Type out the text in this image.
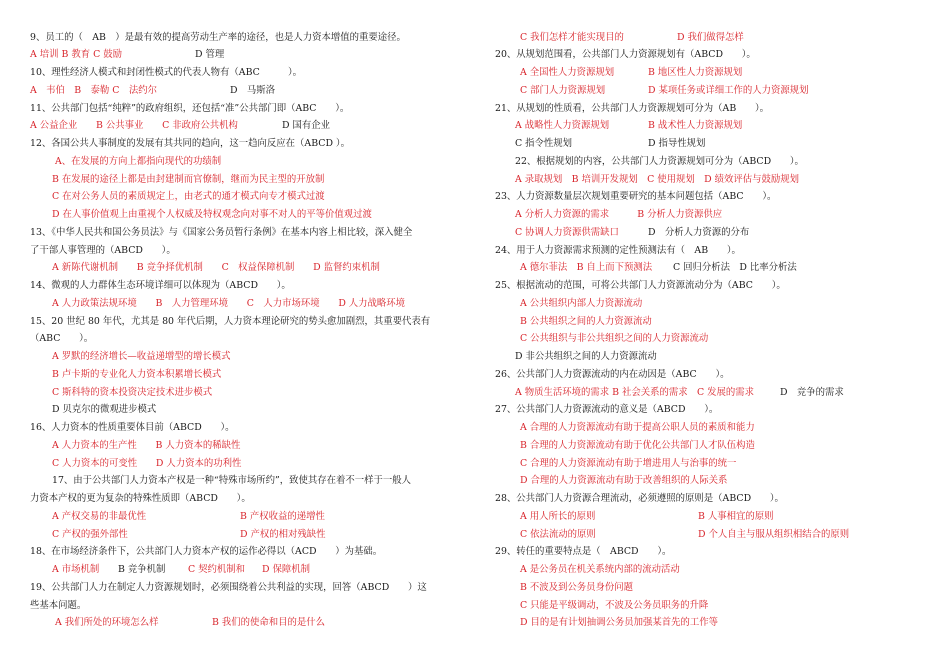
9、员工的（　AB　）是最有效的提高劳动生产率的途径，也是人力资本增值的重要途径。
A 培训 B 教育 C 鼓励	D 管理
10、理性经济人模式和封闭性模式的代表人物有（ABC　　　）。
A　韦伯　B　泰勒 C　法约尔	D　马斯洛
11、公共部门包括“纯粹”的政府组织，还包括“准”公共部门即（ABC　　）。
A 公益企业　　B 公共事业　　C 非政府公共机构	D 国有企业
12、各国公共人事制度的发展有其共同的趋向，这一趋向反应在（ABCD ）。
A、在发展的方向上都指向现代的功绩制
B 在发展的途径上都是由封建制而官僚制，继而为民主型的开放制
C 在对公务人员的素质规定上，由老式的通才模式向专才模式过渡
D 在人事价值观上由重视个人权威及特权观念向对事不对人的平等价值观过渡
13、《中华人民共和国公务员法》与《国家公务员暂行条例》在基本内容上相比较，深入健全
了干部人事管理的（ABCD　　）。
A 新陈代谢机制　　B 竞争择优机制　　C　权益保障机制　　D 监督约束机制
14、微观的人力群体生态环境详细可以体现为（ABCD　　）。
A 人力政策法规环境　　B　人力管理环境　　C　人力市场环境　　D 人力战略环境
15、20 世纪 80 年代，尤其是 80 年代后期，人力资本理论研究的势头愈加剧烈，其重要代表有
（ABC　　）。
A 罗默的经济增长—收益递增型的增长模式
B 卢卡斯的专业化人力资本积累增长模式
C 斯科特的资本投资决定技术进步模式
D 贝克尔的微观进步模式
16、人力资本的性质重要体目前（ABCD　　）。
A 人力资本的生产性　　B 人力资本的稀缺性
C 人力资本的可变性　　D 人力资本的功利性
17、由于公共部门人力资本产权是一种“特殊市场所约”，致使其存在着不一样于一般人
力资本产权的更为复杂的特殊性质即（ABCD　　）。
A 产权交易的非最优性	B 产权收益的递增性
C 产权的强外部性	D 产权的相对残缺性
18、在市场经济条件下，公共部门人力资本产权的运作必得以（ACD　　）为基础。
A 市场机制 B 竞争机制 C 契约机制和 D 保障机制
19、公共部门人力在制定人力资源规划时，必须围绕着公共利益的实现，回答（ABCD　　）这
些基本问题。
A 我们所处的环境怎么样	B 我们的使命和目的是什么
C 我们怎样才能实现目的	D 我们做得怎样
20、从规划范围看，公共部门人力资源规划有（ABCD　　）。
A 全国性人力资源规划	B 地区性人力资源规划
C 部门人力资源规划	D 某项任务或详细工作的人力资源规划
21、从规划的性质看，公共部门人力资源规划可分为（AB　　）。
A 战略性人力资源规划	B 战术性人力资源规划
C 指令性规划	D 指导性规划
22、根据规划的内容，公共部门人力资源规划可分为（ABCD　　）。
A 录取规划　B 培训开发规划　C 使用规划　D 绩效评估与鼓励规划
23、人力资源数量层次规划重要研究的基本问题包括（ABC　　）。
A 分析人力资源的需求　　　B 分析人力资源供应
C 协调人力资源供需缺口	D　分析人力资源的分布
24、用于人力资源需求预测的定性预测法有（　AB　　）。
A 德尔菲法　B 自上而下预测法 C 回归分析法　D 比率分析法
25、根据流动的范围，可将公共部门人力资源流动分为（ABC　　）。
A 公共组织内部人力资源流动
B 公共组织之间的人力资源流动
C 公共组织与非公共组织之间的人力资源流动
D 非公共组织之间的人力资源流动
26、公共部门人力资源流动的内在动因是（ABC　　）。
A 物质生活环境的需求 B 社会关系的需求　C 发展的需求	D　竞争的需求
27、公共部门人力资源流动的意义是（ABCD　　）。
A 合理的人力资源流动有助于提高公职人员的素质和能力
B 合理的人力资源流动有助于优化公共部门人才队伍构造
C 合理的人力资源流动有助于增进用人与治事的统一
D 合理的人力资源流动有助于改善组织的人际关系
28、公共部门人力资源合理流动，必须遵照的原则是（ABCD　　）。
A 用人所长的原则	B 人事相宜的原则
C 依法流动的原则	D 个人自主与服从组织相结合的原则
29、转任的重要特点是（　ABCD　　）。
A 是公务员在机关系统内部的流动活动
B 不波及到公务员身份问题
C 只能是平级调动，不波及公务员职务的升降
D 目的是有计划抽调公务员加强某首先的工作等
